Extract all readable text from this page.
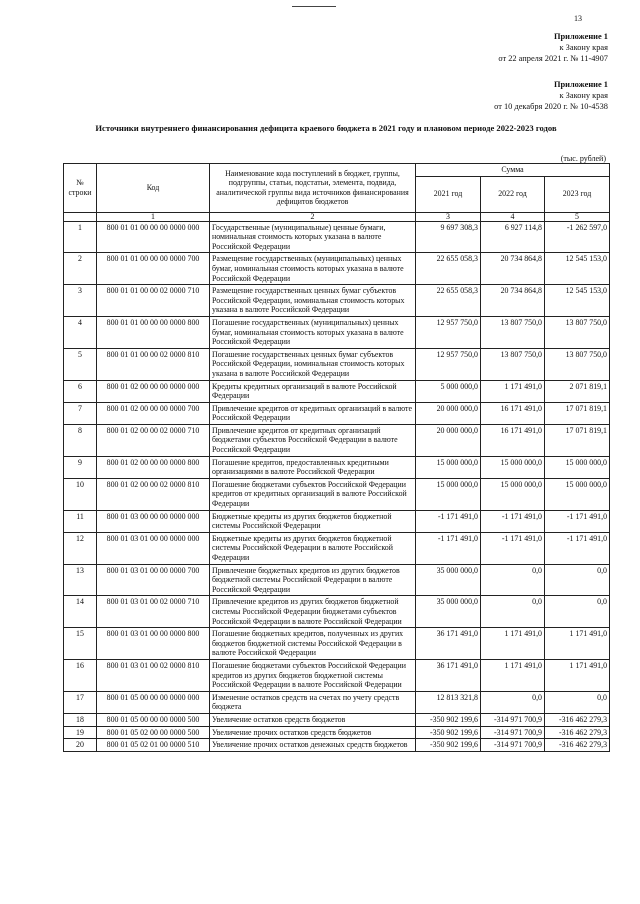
13
Приложение 1
к Закону края
от 22 апреля 2021 г. № 11-4907
Приложение 1
к Закону края
от 10 декабря 2020 г. № 10-4538
Источники внутреннего финансирования дефицита краевого бюджета в 2021 году и плановом периоде 2022-2023 годов
(тыс. рублей)
№ строки	Код	Наименование кода поступлений в бюджет, группы, подгруппы, статьи, подстатьи, элемента, подвида, аналитической группы вида источников финансирования дефицитов бюджетов	Сумма		
			2021 год	2022 год	2023 год
	1	2	3	4	5
1	800 01 01 00 00 00 0000 000	Государственные (муниципальные) ценные бумаги, номинальная стоимость которых указана в валюте Российской Федерации	9 697 308,3	6 927 114,8	-1 262 597,0
2	800 01 01 00 00 00 0000 700	Размещение государственных (муниципальных) ценных бумаг, номинальная стоимость которых указана в валюте Российской Федерации	22 655 058,3	20 734 864,8	12 545 153,0
3	800 01 01 00 00 02 0000 710	Размещение государственных ценных бумаг субъектов Российской Федерации, номинальная стоимость которых указана в валюте Российской Федерации	22 655 058,3	20 734 864,8	12 545 153,0
4	800 01 01 00 00 00 0000 800	Погашение государственных (муниципальных) ценных бумаг, номинальная стоимость которых указана в валюте Российской Федерации	12 957 750,0	13 807 750,0	13 807 750,0
5	800 01 01 00 00 02 0000 810	Погашение государственных ценных бумаг субъектов Российской Федерации, номинальная стоимость которых указана в валюте Российской Федерации	12 957 750,0	13 807 750,0	13 807 750,0
6	800 01 02 00 00 00 0000 000	Кредиты кредитных организаций в валюте Российской Федерации	5 000 000,0	1 171 491,0	2 071 819,1
7	800 01 02 00 00 00 0000 700	Привлечение кредитов от кредитных организаций в валюте Российской Федерации	20 000 000,0	16 171 491,0	17 071 819,1
8	800 01 02 00 00 02 0000 710	Привлечение кредитов от кредитных организаций бюджетами субъектов Российской Федерации в валюте Российской Федерации	20 000 000,0	16 171 491,0	17 071 819,1
9	800 01 02 00 00 00 0000 800	Погашение кредитов, предоставленных кредитными организациями в валюте Российской Федерации	15 000 000,0	15 000 000,0	15 000 000,0
10	800 01 02 00 00 02 0000 810	Погашение бюджетами субъектов Российской Федерации кредитов от кредитных организаций в валюте Российской Федерации	15 000 000,0	15 000 000,0	15 000 000,0
11	800 01 03 00 00 00 0000 000	Бюджетные кредиты из других бюджетов бюджетной системы Российской Федерации	-1 171 491,0	-1 171 491,0	-1 171 491,0
12	800 01 03 01 00 00 0000 000	Бюджетные кредиты из других бюджетов бюджетной системы Российской Федерации в валюте Российской Федерации	-1 171 491,0	-1 171 491,0	-1 171 491,0
13	800 01 03 01 00 00 0000 700	Привлечение бюджетных кредитов из других бюджетов бюджетной системы Российской Федерации в валюте Российской Федерации	35 000 000,0	0,0	0,0
14	800 01 03 01 00 02 0000 710	Привлечение кредитов из других бюджетов бюджетной системы Российской Федерации бюджетами субъектов Российской Федерации в валюте Российской Федерации	35 000 000,0	0,0	0,0
15	800 01 03 01 00 00 0000 800	Погашение бюджетных кредитов, полученных из других бюджетов бюджетной системы Российской Федерации в валюте Российской Федерации	36 171 491,0	1 171 491,0	1 171 491,0
16	800 01 03 01 00 02 0000 810	Погашение бюджетами субъектов Российской Федерации кредитов из других бюджетов бюджетной системы Российской Федерации в валюте Российской Федерации	36 171 491,0	1 171 491,0	1 171 491,0
17	800 01 05 00 00 00 0000 000	Изменение остатков средств на счетах по учету средств бюджета	12 813 321,8	0,0	0,0
18	800 01 05 00 00 00 0000 500	Увеличение остатков средств бюджетов	-350 902 199,6	-314 971 700,9	-316 462 279,3
19	800 01 05 02 00 00 0000 500	Увеличение прочих остатков средств бюджетов	-350 902 199,6	-314 971 700,9	-316 462 279,3
20	800 01 05 02 01 00 0000 510	Увеличение прочих остатков денежных средств бюджетов	-350 902 199,6	-314 971 700,9	-316 462 279,3
